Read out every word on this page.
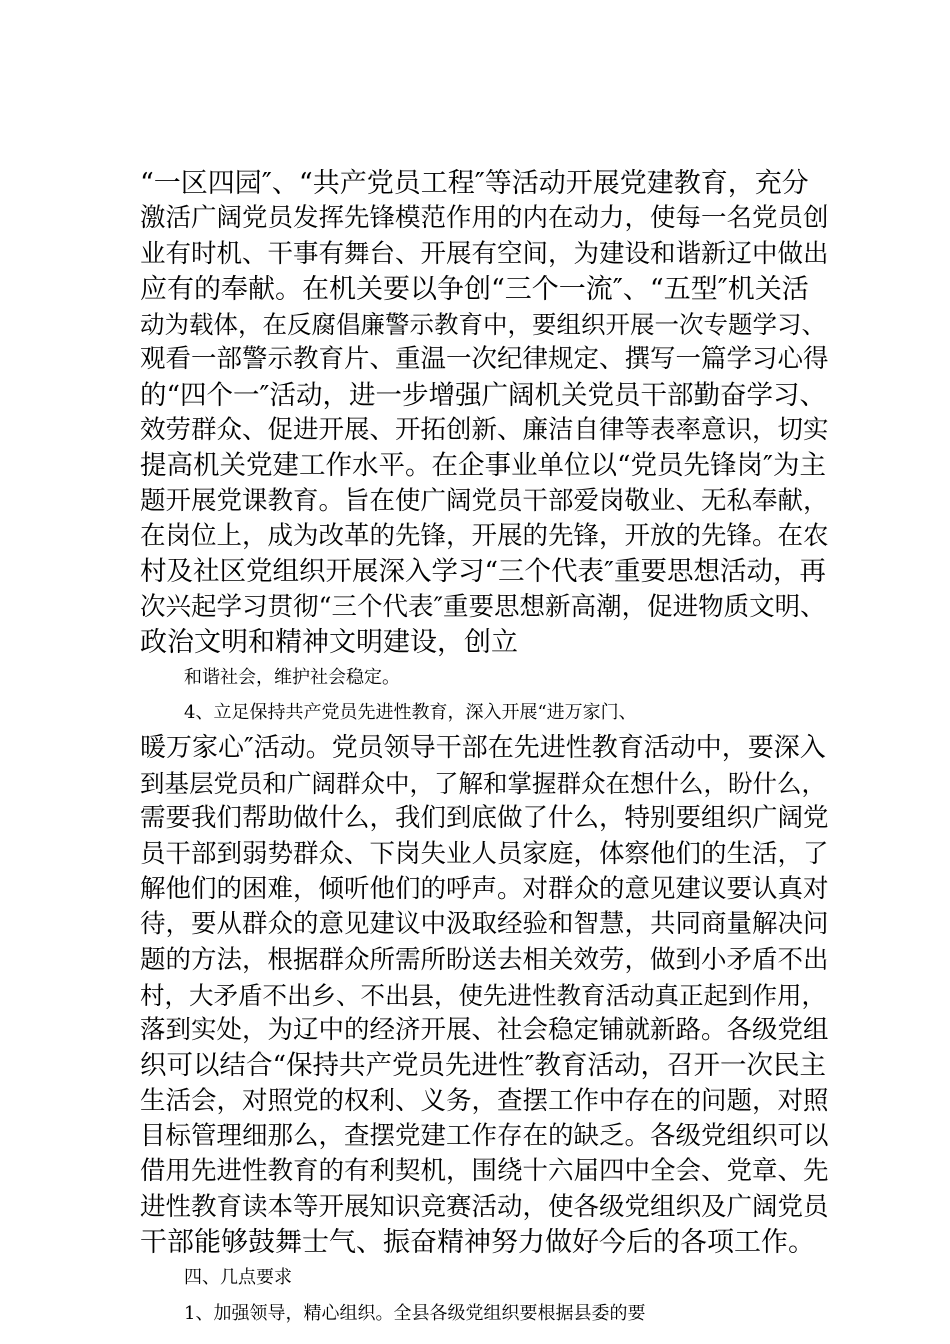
“一区四园″、“共产党员工程″等活动开展党建教育，充分
激活广阔党员发挥先锋模范作用的内在动力，使每一名党员创
业有时机、干事有舞台、开展有空间，为建设和谐新辽中做出
应有的奉献。在机关要以争创“三个一流″、“五型″机关活
动为载体，在反腐倡廉警示教育中，要组织开展一次专题学习、
观看一部警示教育片、重温一次纪律规定、撰写一篇学习心得
的“四个一″活动，进一步增强广阔机关党员干部勤奋学习、
效劳群众、促进开展、开拓创新、廉洁自律等表率意识，切实
提高机关党建工作水平。在企事业单位以“党员先锋岗″为主
题开展党课教育。旨在使广阔党员干部爱岗敬业、无私奉献，
在岗位上，成为改革的先锋，开展的先锋，开放的先锋。在农
村及社区党组织开展深入学习“三个代表″重要思想活动，再
次兴起学习贯彻“三个代表″重要思想新高潮，促进物质文明、
政治文明和精神文明建设，创立
和谐社会，维护社会稳定。
4、立足保持共产党员先进性教育，深入开展“进万家门、
暖万家心″活动。党员领导干部在先进性教育活动中，要深入
到基层党员和广阔群众中，了解和掌握群众在想什么，盼什么，
需要我们帮助做什么，我们到底做了什么，特别要组织广阔党
员干部到弱势群众、下岗失业人员家庭，体察他们的生活，了
解他们的困难，倾听他们的呼声。对群众的意见建议要认真对
待，要从群众的意见建议中汲取经验和智慧，共同商量解决问
题的方法，根据群众所需所盼送去相关效劳，做到小矛盾不出
村，大矛盾不出乡、不出县，使先进性教育活动真正起到作用，
落到实处，为辽中的经济开展、社会稳定铺就新路。各级党组
织可以结合“保持共产党员先进性″教育活动，召开一次民主
生活会，对照党的权利、义务，查摆工作中存在的问题，对照
目标管理细那么，查摆党建工作存在的缺乏。各级党组织可以
借用先进性教育的有利契机，围绕十六届四中全会、党章、先
进性教育读本等开展知识竞赛活动，使各级党组织及广阔党员
干部能够鼓舞士气、振奋精神努力做好今后的各项工作。
四、几点要求
1、加强领导，精心组织。全县各级党组织要根据县委的要
